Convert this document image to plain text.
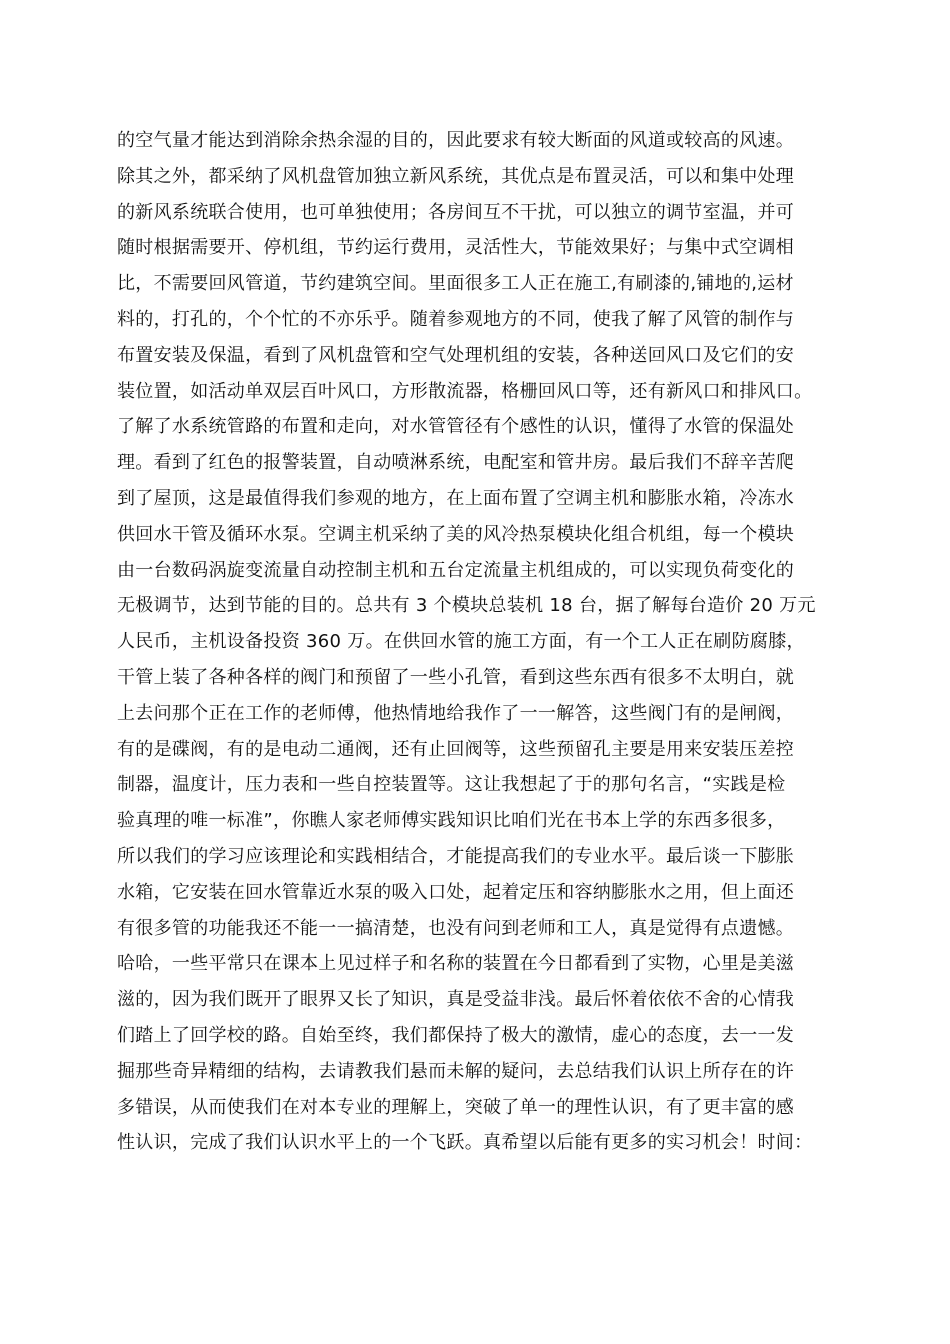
的空气量才能达到消除余热余湿的目的，因此要求有较大断面的风道或较高的风速。
除其之外，都采纳了风机盘管加独立新风系统，其优点是布置灵活，可以和集中处理
的新风系统联合使用，也可单独使用；各房间互不干扰，可以独立的调节室温，并可
随时根据需要开、停机组，节约运行费用，灵活性大，节能效果好；与集中式空调相
比，不需要回风管道，节约建筑空间。里面很多工人正在施工,有刷漆的,铺地的,运材
料的，打孔的，个个忙的不亦乐乎。随着参观地方的不同，使我了解了风管的制作与
布置安装及保温，看到了风机盘管和空气处理机组的安装，各种送回风口及它们的安
装位置，如活动单双层百叶风口，方形散流器，格栅回风口等，还有新风口和排风口。
了解了水系统管路的布置和走向，对水管管径有个感性的认识，懂得了水管的保温处
理。看到了红色的报警装置，自动喷淋系统，电配室和管井房。最后我们不辞辛苦爬
到了屋顶，这是最值得我们参观的地方，在上面布置了空调主机和膨胀水箱，冷冻水
供回水干管及循环水泵。空调主机采纳了美的风冷热泵模块化组合机组，每一个模块
由一台数码涡旋变流量自动控制主机和五台定流量主机组成的，可以实现负荷变化的
无极调节，达到节能的目的。总共有 3 个模块总装机 18 台，据了解每台造价 20 万元
人民币，主机设备投资 360 万。在供回水管的施工方面，有一个工人正在刷防腐膝，
干管上装了各种各样的阀门和预留了一些小孔管，看到这些东西有很多不太明白，就
上去问那个正在工作的老师傅，他热情地给我作了一一解答，这些阀门有的是闸阀，
有的是碟阀，有的是电动二通阀，还有止回阀等，这些预留孔主要是用来安装压差控
制器，温度计，压力表和一些自控装置等。这让我想起了于的那句名言，“实践是检
验真理的唯一标准”，你瞧人家老师傅实践知识比咱们光在书本上学的东西多很多，
所以我们的学习应该理论和实践相结合，才能提高我们的专业水平。最后谈一下膨胀
水箱，它安装在回水管靠近水泵的吸入口处，起着定压和容纳膨胀水之用，但上面还
有很多管的功能我还不能一一搞清楚，也没有问到老师和工人，真是觉得有点遗憾。
哈哈，一些平常只在课本上见过样子和名称的装置在今日都看到了实物，心里是美滋
滋的，因为我们既开了眼界又长了知识，真是受益非浅。最后怀着依依不舍的心情我
们踏上了回学校的路。自始至终，我们都保持了极大的激情，虚心的态度，去一一发
掘那些奇异精细的结构，去请教我们悬而未解的疑问，去总结我们认识上所存在的许
多错误，从而使我们在对本专业的理解上，突破了单一的理性认识，有了更丰富的感
性认识，完成了我们认识水平上的一个飞跃。真希望以后能有更多的实习机会！时间：
